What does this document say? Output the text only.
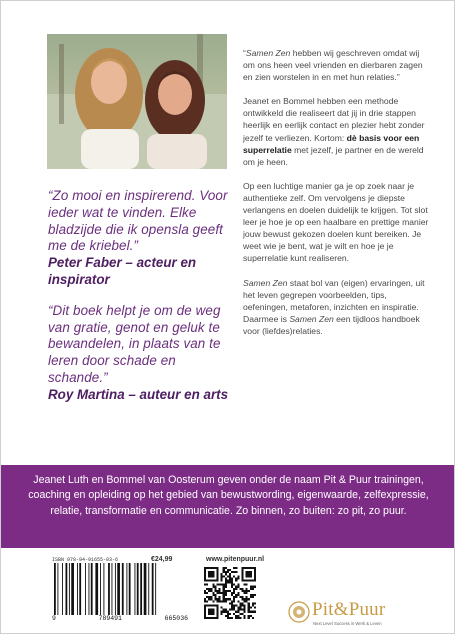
“Samen Zen hebben wij geschreven omdat wij om ons heen veel vrienden en dierbaren zagen en zien worstelen in en met hun relaties.”

Jeanet en Bommel hebben een methode ontwikkeld die realiseert dat jij in drie stappen heerlijk en eerlijk contact en plezier hebt zonder jezelf te verliezen. Kortom: dè basis voor een superrelatie met jezelf, je partner en de wereld om je heen.

Op een luchtige manier ga je op zoek naar je authentieke zelf. Om vervolgens je diepste verlangens en doelen duidelijk te krijgen. Tot slot leer je hoe je op een haalbare en prettige manier jouw bewust gekozen doelen kunt bereiken. Je weet wie je bent, wat je wilt en hoe je je superrelatie kunt realiseren.

Samen Zen staat bol van (eigen) ervaringen, uit het leven gegrepen voorbeelden, tips, oefeningen, metaforen, inzichten en inspiratie. Daarmee is Samen Zen een tijdloos handboek voor (liefdes)relaties.

“Zo mooi en inspirerend. Voor ieder wat te vinden. Elke bladzijde die ik opensla geeft me de kriebel.”
Peter Faber – acteur en inspirator
“Dit boek helpt je om de weg van gratie, genot en geluk te bewandelen, in plaats van te leren door schade en schande.”
Roy Martina – auteur en arts
Jeanet Luth en Bommel van Oosterum geven onder de naam Pit & Puur trainingen, coaching en opleiding op het gebied van bewustwording, eigenwaarde, zelfexpressie, relatie, transformatie en communicatie. Zo binnen, zo buiten: zo pit, zo puur.
ISBN 978-94-91655-03-6	€24,99	www.pitenpuur.nl
9	789491	665036	Pit&Puur
Next Level Success in Werk & Leven
